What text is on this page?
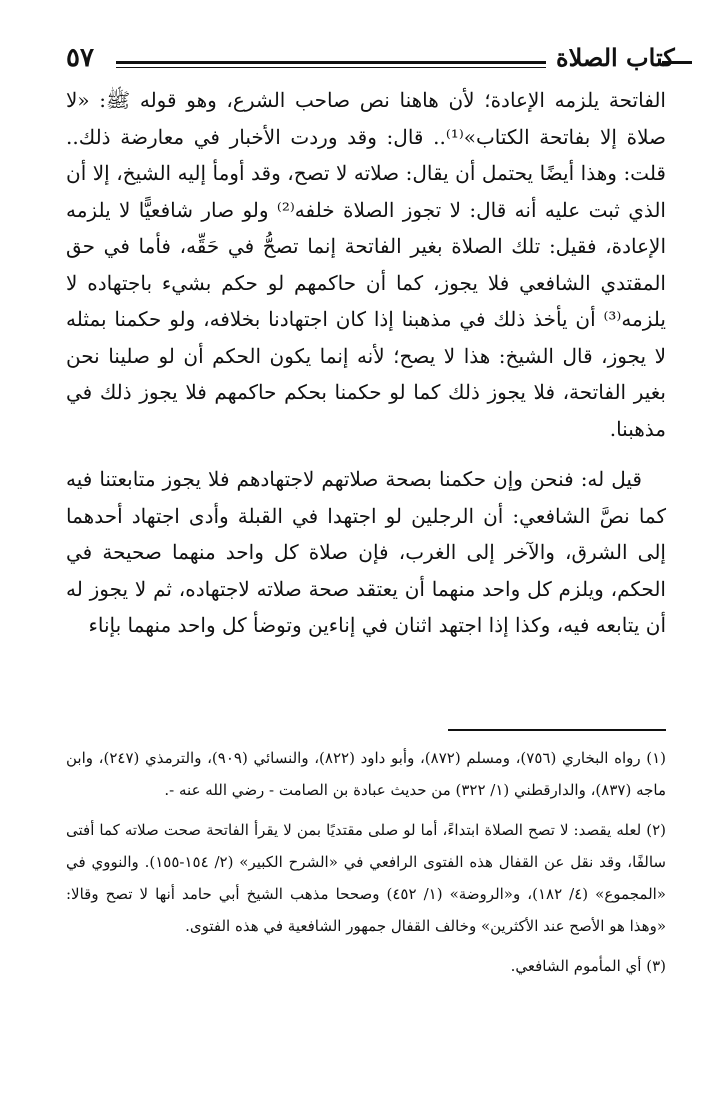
٥٧	كتاب الصلاة

الفاتحة يلزمه الإعادة؛ لأن هاهنا نص صاحب الشرع، وهو قوله ﷺ: «لا صلاة إلا بفاتحة الكتاب»⁽¹⁾.. قال: وقد وردت الأخبار في معارضة ذلك.. قلت: وهذا أيضًا يحتمل أن يقال: صلاته لا تصح، وقد أومأ إليه الشيخ، إلا أن الذي ثبت عليه أنه قال: لا تجوز الصلاة خلفه⁽²⁾ ولو صار شافعيًّا لا يلزمه الإعادة، فقيل: تلك الصلاة بغير الفاتحة إنما تصحُّ في حَقِّه، فأما في حق المقتدي الشافعي فلا يجوز، كما أن حاكمهم لو حكم بشيء باجتهاده لا يلزمه⁽³⁾ أن يأخذ ذلك في مذهبنا إذا كان اجتهادنا بخلافه، ولو حكمنا بمثله لا يجوز، قال الشيخ: هذا لا يصح؛ لأنه إنما يكون الحكم أن لو صلينا نحن بغير الفاتحة، فلا يجوز ذلك كما لو حكمنا بحكم حاكمهم فلا يجوز ذلك في مذهبنا.

قيل له: فنحن وإن حكمنا بصحة صلاتهم لاجتهادهم فلا يجوز متابعتنا فيه كما نصَّ الشافعي: أن الرجلين لو اجتهدا في القبلة وأدى اجتهاد أحدهما إلى الشرق، والآخر إلى الغرب، فإن صلاة كل واحد منهما صحيحة في الحكم، ويلزم كل واحد منهما أن يعتقد صحة صلاته لاجتهاده، ثم لا يجوز له أن يتابعه فيه، وكذا إذا اجتهد اثنان في إناءين وتوضأ كل واحد منهما بإناء

(١) رواه البخاري (٧٥٦)، ومسلم (٨٧٢)، وأبو داود (٨٢٢)، والنسائي (٩٠٩)، والترمذي (٢٤٧)، وابن ماجه (٨٣٧)، والدارقطني (١/ ٣٢٢) من حديث عبادة بن الصامت - رضي الله عنه -.

(٢) لعله يقصد: لا تصح الصلاة ابتداءً، أما لو صلى مقتديًا بمن لا يقرأ الفاتحة صحت صلاته كما أفتى سالفًا، وقد نقل عن القفال هذه الفتوى الرافعي في «الشرح الكبير» (٢/ ١٥٤-١٥٥). والنووي في «المجموع» (٤/ ١٨٢)، و«الروضة» (١/ ٤٥٢) وصححا مذهب الشيخ أبي حامد أنها لا تصح وقالا: «وهذا هو الأصح عند الأكثرين» وخالف القفال جمهور الشافعية في هذه الفتوى.

(٣) أي المأموم الشافعي.
